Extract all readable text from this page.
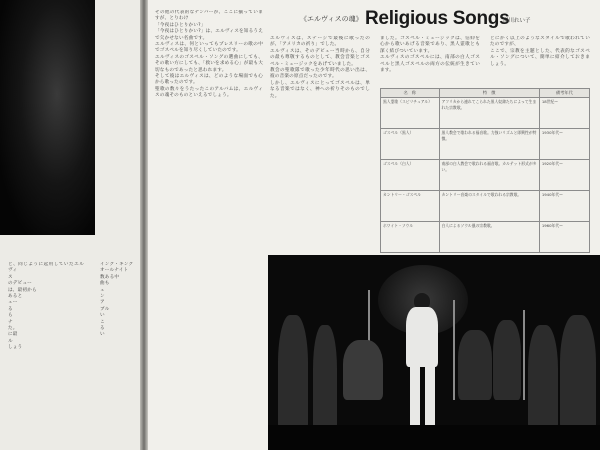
と、同じように起用していたエルヴィ

ス

のデビュー

は、最初から

あると

ュー

る

ら

ナ

た。

に最

ル

しょう

イング・キング

オールナイト

数ある中

曲も

ュ

ン

ア

ブル

い

こ

る

い

《エルヴィスの魂》 Religious Songs
湯川れい子

その他の代表的なナンバーが、ここに揃っていますが、とりわけ

「今夜はひとりかい?」

「今夜はひとりかい?」は、エルヴィスを知るうえで欠かせない名曲です。

エルヴィスは、何といってもプレスリーの歌の中でゴスペルを知り尽くしていたのです。

エルヴィスのゴスペル・ソングの選曲にしても、その歌い方にしても、「救いを求める心」が最も大切なものであったと思われます。

そして彼はエルヴィスは、どのような場面でも心から歌ったのです。

聖歌の数々をうたったこのアルバムは、エルヴィスの魂そのものといえるでしょう。

エルヴィスは、ステージで最後に歌ったのが、「アメリカの祈り」でした。

エルヴィスは、そのデビュー当時から、自分の最も尊敬するものとして、教会音楽とゴスペル・ミュージックをあげていました。

教会の聖歌隊で歌った少年時代の思い出は、彼の音楽の原点だったのです。

しかし、エルヴィスにとってゴスペルは、単なる音楽ではなく、神への祈りそのものでした。

ました。ゴスペル・ミュージックは、信仰を心から歌いあげる音楽であり、黒人霊歌とも深く結びついています。

エルヴィスのゴスペルには、南部の白人ゴスペルと黒人ゴスペルの両方の伝統が生きています。

とにかく以上のようなスタイルで歌われていたのですが、

ここで、宗教を主題とした、代表的なゴスペル・ソングについて、簡単に紹介しておきましょう。

名　称	特　徴	備考年代
黒人霊歌（スピリチュアル）	アフリカから連れてこられた黒人奴隷たちによって生まれた宗教歌。	18世紀〜
ゴスペル（黒人）	黒人教会で歌われる福音歌。力強いリズムと即興性が特徴。	1930年代〜
ゴスペル（白人）	南部の白人教会で歌われる福音歌。カルテット形式が多い。	1920年代〜
カントリー・ゴスペル	カントリー音楽のスタイルで歌われる宗教歌。	1940年代〜
ホワイト・ソウル	白人によるソウル風の宗教歌。	1960年代〜
